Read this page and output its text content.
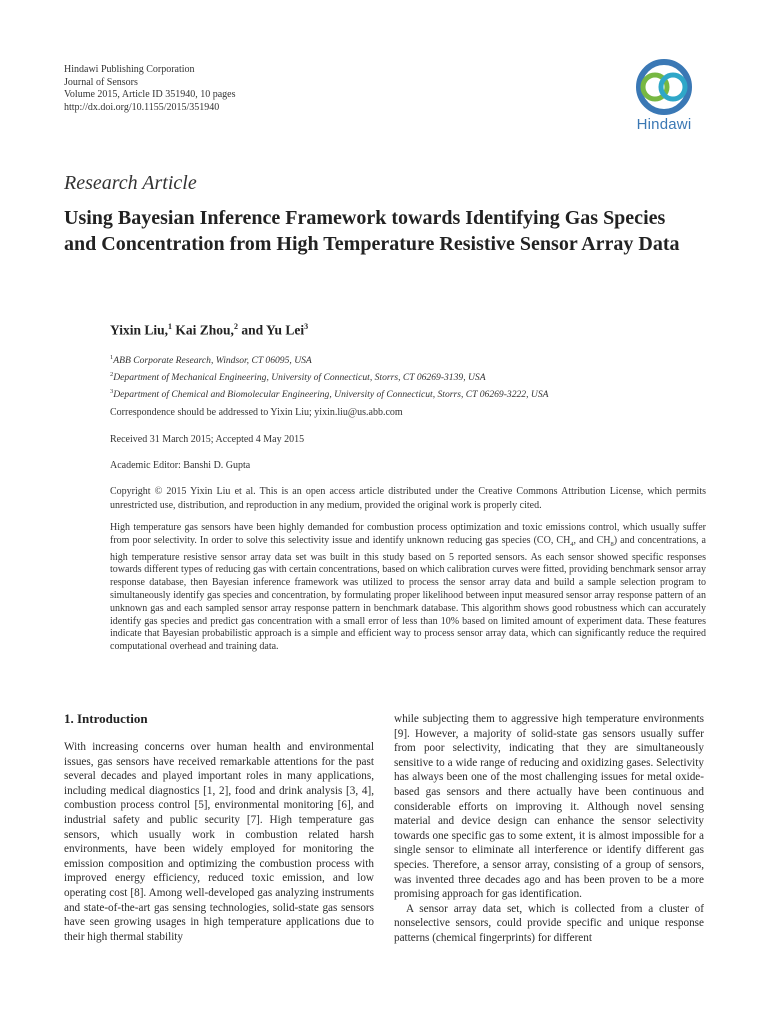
Hindawi Publishing Corporation
Journal of Sensors
Volume 2015, Article ID 351940, 10 pages
http://dx.doi.org/10.1155/2015/351940
Hindawi
Research Article
Using Bayesian Inference Framework towards Identifying Gas Species and Concentration from High Temperature Resistive Sensor Array Data
Yixin Liu,$^1$ Kai Zhou,$^2$ and Yu Lei$^3$
$^1$ABB Corporate Research, Windsor, CT 06095, USA
$^2$Department of Mechanical Engineering, University of Connecticut, Storrs, CT 06269-3139, USA
$^3$Department of Chemical and Biomolecular Engineering, University of Connecticut, Storrs, CT 06269-3222, USA
Correspondence should be addressed to Yixin Liu; yixin.liu@us.abb.com
Received 31 March 2015; Accepted 4 May 2015
Academic Editor: Banshi D. Gupta
Copyright © 2015 Yixin Liu et al. This is an open access article distributed under the Creative Commons Attribution License, which permits unrestricted use, distribution, and reproduction in any medium, provided the original work is properly cited.
High temperature gas sensors have been highly demanded for combustion process optimization and toxic emissions control, which usually suffer from poor selectivity. In order to solve this selectivity issue and identify unknown reducing gas species (CO, $CH_4$, and $CH_8$) and concentrations, a high temperature resistive sensor array data set was built in this study based on 5 reported sensors. As each sensor showed specific responses towards different types of reducing gas with certain concentrations, based on which calibration curves were fitted, providing benchmark sensor array response database, then Bayesian inference framework was utilized to process the sensor array data and build a sample selection program to simultaneously identify gas species and concentration, by formulating proper likelihood between input measured sensor array response pattern of an unknown gas and each sampled sensor array response pattern in benchmark database. This algorithm shows good robustness which can accurately identify gas species and predict gas concentration with a small error of less than 10% based on limited amount of experiment data. These features indicate that Bayesian probabilistic approach is a simple and efficient way to process sensor array data, which can significantly reduce the required computational overhead and training data.
1. Introduction

With increasing concerns over human health and environmental issues, gas sensors have received remarkable attentions for the past several decades and played important roles in many applications, including medical diagnostics [1, 2], food and drink analysis [3, 4], combustion process control [5], environmental monitoring [6], and industrial safety and public security [7]. High temperature gas sensors, which usually work in combustion related harsh environments, have been widely employed for monitoring the emission composition and optimizing the combustion process with improved energy efficiency, reduced toxic emission, and low operating cost [8]. Among well-developed gas analyzing instruments and state-of-the-art gas sensing technologies, solid-state gas sensors have seen growing usages in high temperature applications due to their high thermal stability

while subjecting them to aggressive high temperature environments [9]. However, a majority of solid-state gas sensors usually suffer from poor selectivity, indicating that they are simultaneously sensitive to a wide range of reducing and oxidizing gases. Selectivity has always been one of the most challenging issues for metal oxide-based gas sensors and there actually have been continuous and considerable efforts on improving it. Although novel sensing material and device design can enhance the sensor selectivity towards one specific gas to some extent, it is almost impossible for a single sensor to eliminate all interference or identify different gas species. Therefore, a sensor array, consisting of a group of sensors, was invented three decades ago and has been proven to be a more promising approach for gas identification.

A sensor array data set, which is collected from a cluster of nonselective sensors, could provide specific and unique response patterns (chemical fingerprints) for different
